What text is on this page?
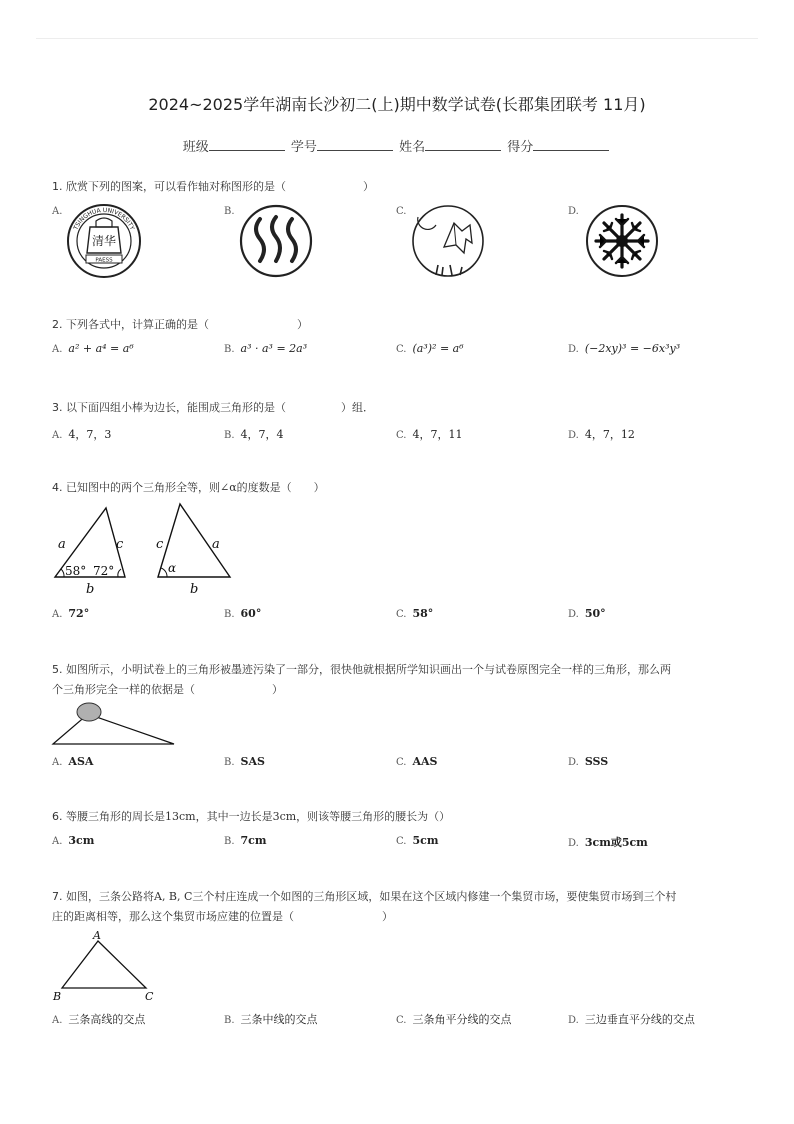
2024~2025学年湖南长沙初二(上)期中数学试卷(长郡集团联考 11月)
班级	学号	姓名	得分
1. 欣赏下列的图案，可以看作轴对称图形的是（　　　　　　　）
A.	B.	C.	D.
清华
PAESS
TSINGHUA UNIVERSITY
2. 下列各式中，计算正确的是（　　　　　　　　）
A. a² + a⁴ = a⁶	B. a³ · a³ = 2a³	C. (a³)² = a⁶	D. (−2xy)³ = −6x³y³
3. 以下面四组小棒为边长，能围成三角形的是（　　　　　）组．
A. 4，7，3	B. 4，7，4	C. 4，7，11	D. 4，7，12
4. 已知图中的两个三角形全等，则∠α的度数是（　　）
a	c
b
58° 72°
c	a
b
α
A. 72°	B. 60°	C. 58°	D. 50°
5. 如图所示，小明试卷上的三角形被墨迹污染了一部分，很快他就根据所学知识画出一个与试卷原图完全一样的三角形，那么两
个三角形完全一样的依据是（　　　　　　　）
A. ASA	B. SAS	C. AAS	D. SSS
6. 等腰三角形的周长是13cm，其中一边长是3cm，则该等腰三角形的腰长为（）
A. 3cm	B. 7cm	C. 5cm	D. 3cm或5cm
7. 如图，三条公路将A, B, C三个村庄连成一个如图的三角形区域，如果在这个区域内修建一个集贸市场，要使集贸市场到三个村
庄的距离相等，那么这个集贸市场应建的位置是（　　　　　　　　）
A
B	C
A. 三条高线的交点	B. 三条中线的交点	C. 三条角平分线的交点	D. 三边垂直平分线的交点
